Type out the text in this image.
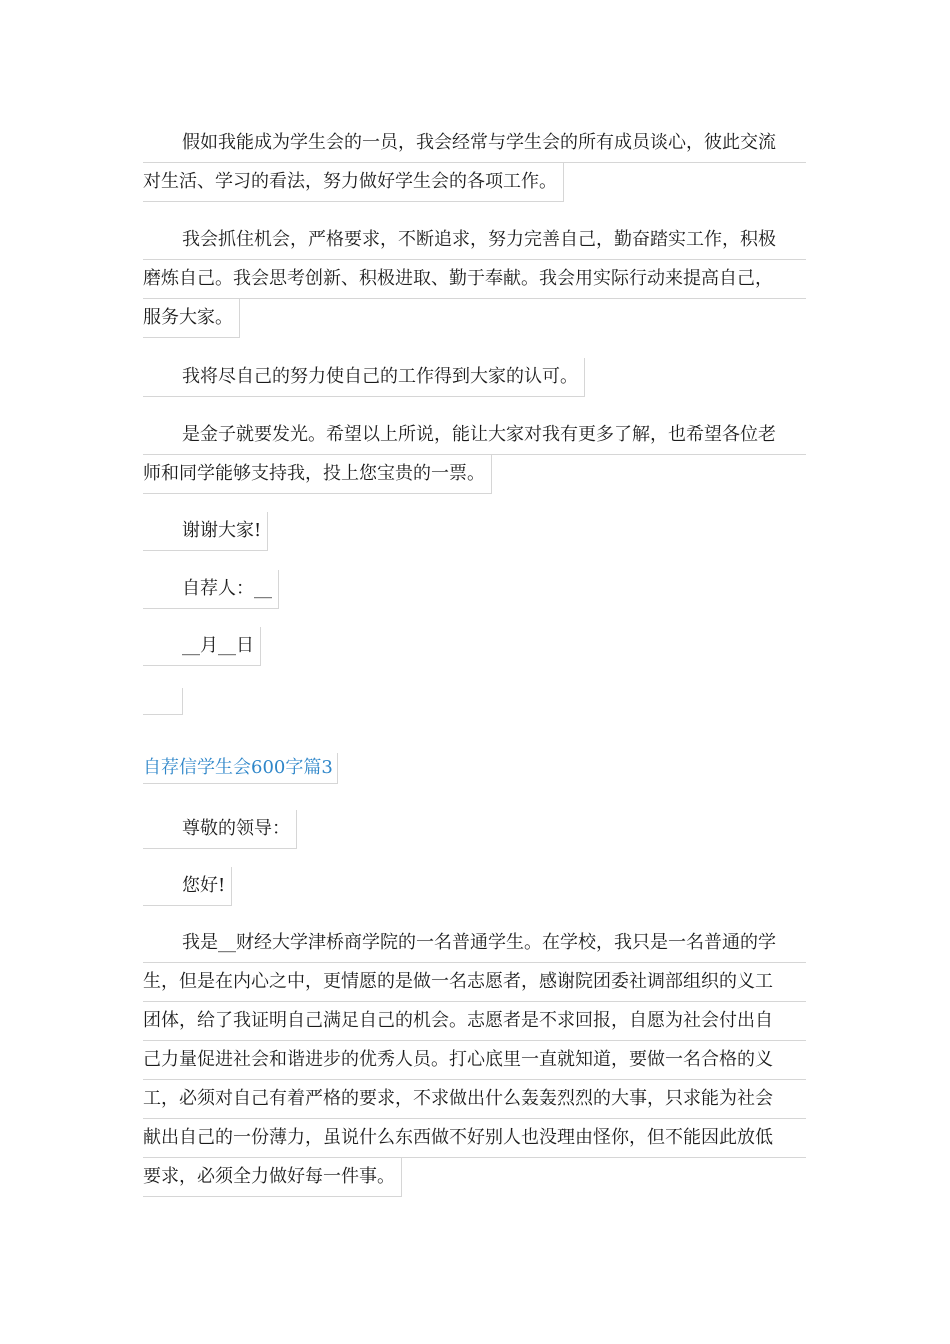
假如我能成为学生会的一员，我会经常与学生会的所有成员谈心，彼此交流
对生活、学习的看法，努力做好学生会的各项工作。
我会抓住机会，严格要求，不断追求，努力完善自己，勤奋踏实工作，积极
磨炼自己。我会思考创新、积极进取、勤于奉献。我会用实际行动来提高自己，
服务大家。
我将尽自己的努力使自己的工作得到大家的认可。
是金子就要发光。希望以上所说，能让大家对我有更多了解，也希望各位老
师和同学能够支持我，投上您宝贵的一票。
谢谢大家!
自荐人：__
__月__日
自荐信学生会600字篇3
尊敬的领导：
您好!
我是__财经大学津桥商学院的一名普通学生。在学校，我只是一名普通的学
生，但是在内心之中，更情愿的是做一名志愿者，感谢院团委社调部组织的义工
团体，给了我证明自己满足自己的机会。志愿者是不求回报，自愿为社会付出自
己力量促进社会和谐进步的优秀人员。打心底里一直就知道，要做一名合格的义
工，必须对自己有着严格的要求，不求做出什么轰轰烈烈的大事，只求能为社会
献出自己的一份薄力，虽说什么东西做不好别人也没理由怪你，但不能因此放低
要求，必须全力做好每一件事。
